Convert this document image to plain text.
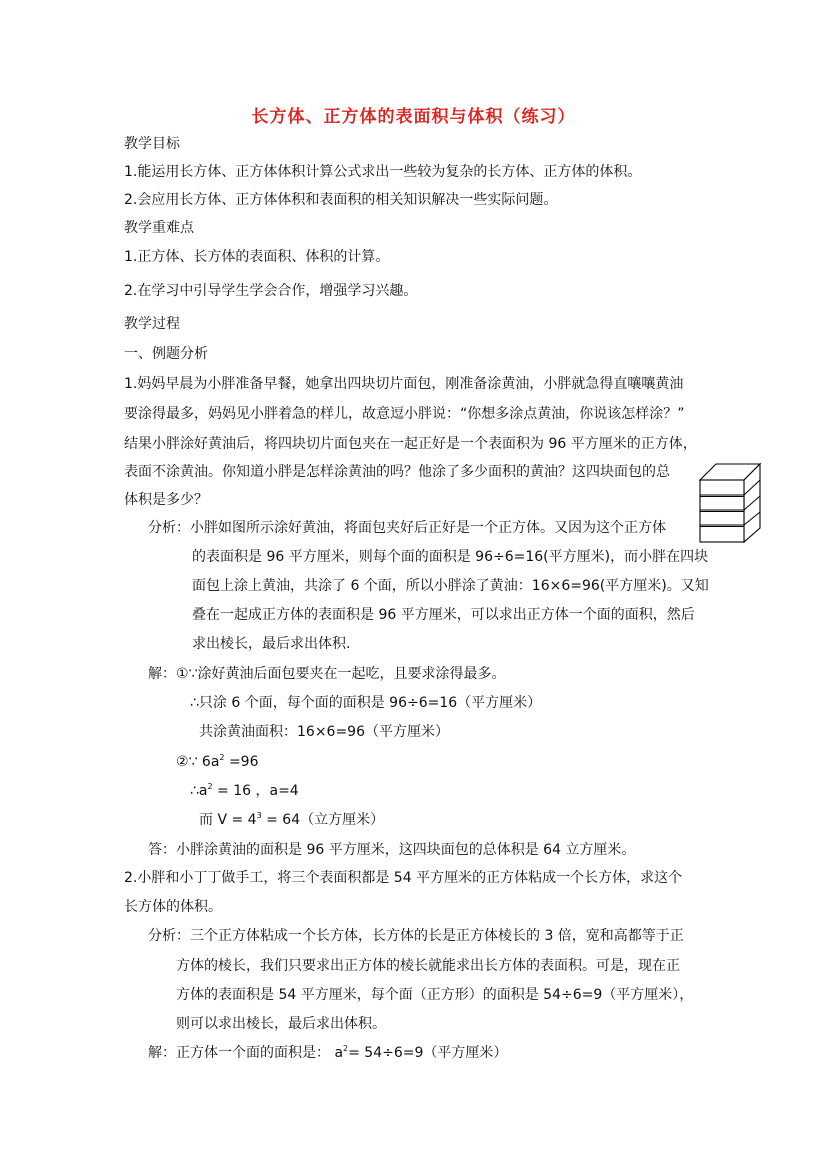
长方体、正方体的表面积与体积（练习）
教学目标
1.能运用长方体、正方体体积计算公式求出一些较为复杂的长方体、正方体的体积。
2.会应用长方体、正方体体积和表面积的相关知识解决一些实际问题。
教学重难点
1.正方体、长方体的表面积、体积的计算。
2.在学习中引导学生学会合作，增强学习兴趣。
教学过程
一、例题分析
1.妈妈早晨为小胖准备早餐，她拿出四块切片面包，刚准备涂黄油，小胖就急得直嚷嚷黄油
要涂得最多，妈妈见小胖着急的样儿，故意逗小胖说：“你想多涂点黄油，你说该怎样涂？”
结果小胖涂好黄油后，将四块切片面包夹在一起正好是一个表面积为 96 平方厘米的正方体，
表面不涂黄油。你知道小胖是怎样涂黄油的吗？他涂了多少面积的黄油？这四块面包的总
体积是多少？
分析：小胖如图所示涂好黄油，将面包夹好后正好是一个正方体。又因为这个正方体
的表面积是 96 平方厘米，则每个面的面积是 96÷6=16(平方厘米)，而小胖在四块
面包上涂上黄油，共涂了 6 个面，所以小胖涂了黄油：16×6=96(平方厘米)。又知
叠在一起成正方体的表面积是 96 平方厘米，可以求出正方体一个面的面积，然后
求出棱长，最后求出体积.
解：①∵涂好黄油后面包要夹在一起吃，且要求涂得最多。
∴只涂 6 个面，每个面的面积是 96÷6=16（平方厘米）
共涂黄油面积：16×6=96（平方厘米）
②∵ $6a^2 =96$
$\therefore a^2 = 16$ ，a=4
而 $V = 4^3 = 64$（立方厘米）
答：小胖涂黄油的面积是 96 平方厘米，这四块面包的总体积是 64 立方厘米。
2.小胖和小丁丁做手工，将三个表面积都是 54 平方厘米的正方体粘成一个长方体，求这个
长方体的体积。
分析：三个正方体粘成一个长方体，长方体的长是正方体棱长的 3 倍，宽和高都等于正
方体的棱长，我们只要求出正方体的棱长就能求出长方体的表面积。可是，现在正
方体的表面积是 54 平方厘米，每个面（正方形）的面积是 54÷6=9（平方厘米），
则可以求出棱长，最后求出体积。
解：正方体一个面的面积是： $a^2= 54\div 6=9$（平方厘米）
